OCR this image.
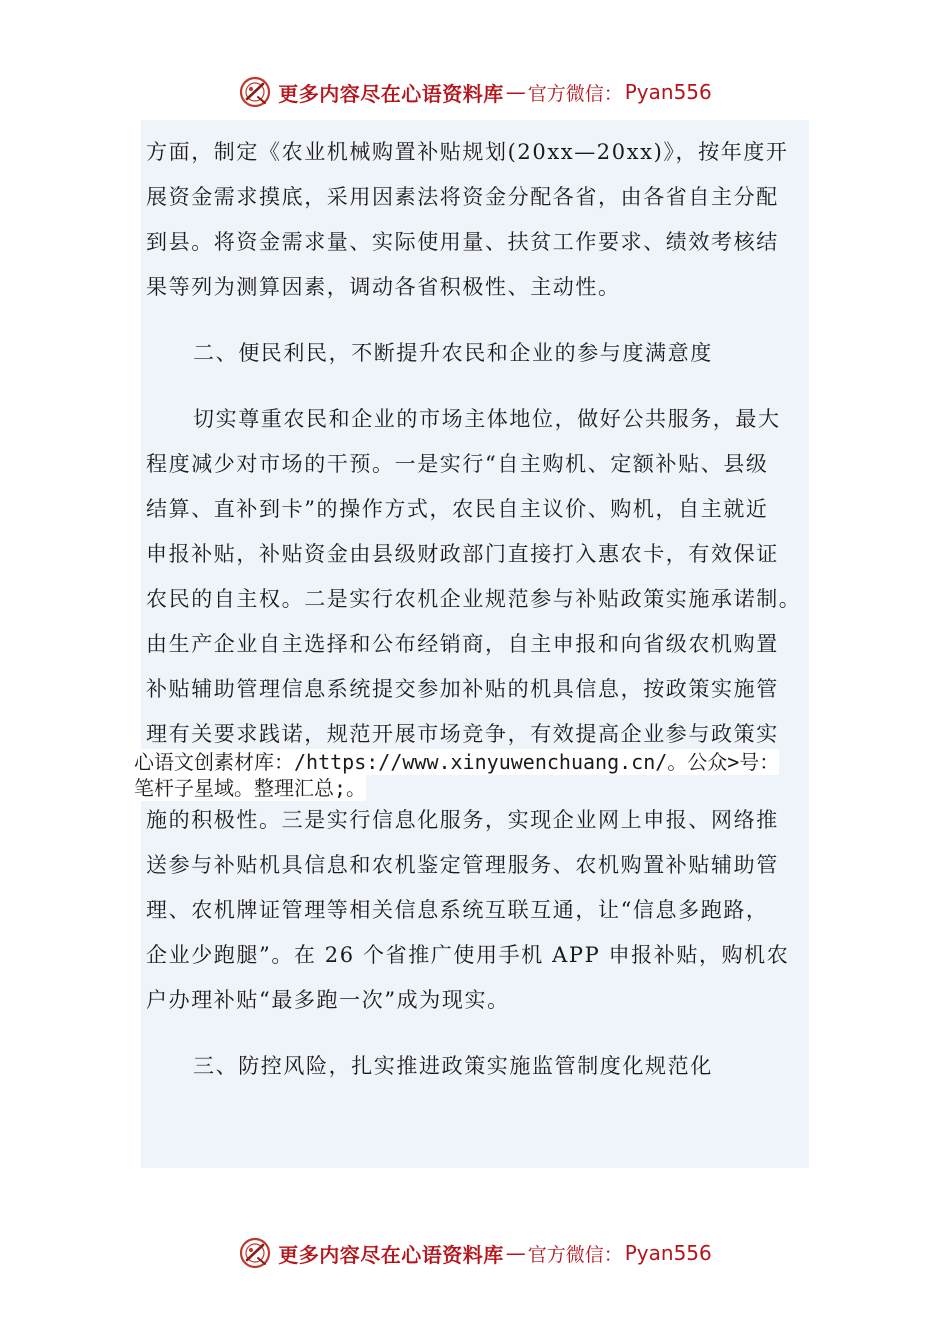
更多内容尽在心语资料库 — 官方微信： Pyan556
方面，制定《农业机械购置补贴规划(20xx—20xx)》，按年度开
展资金需求摸底，采用因素法将资金分配各省，由各省自主分配
到县。将资金需求量、实际使用量、扶贫工作要求、绩效考核结
果等列为测算因素，调动各省积极性、主动性。
二、便民利民，不断提升农民和企业的参与度满意度
切实尊重农民和企业的市场主体地位，做好公共服务，最大
程度减少对市场的干预。一是实行“自主购机、定额补贴、县级
结算、直补到卡”的操作方式，农民自主议价、购机，自主就近
申报补贴，补贴资金由县级财政部门直接打入惠农卡，有效保证
农民的自主权。二是实行农机企业规范参与补贴政策实施承诺制。
由生产企业自主选择和公布经销商，自主申报和向省级农机购置
补贴辅助管理信息系统提交参加补贴的机具信息，按政策实施管
理有关要求践诺，规范开展市场竞争，有效提高企业参与政策实
心语文创素材库：/https://www.xinyuwenchuang.cn/。公众>号：
笔杆子星域。整理汇总;。
施的积极性。三是实行信息化服务，实现企业网上申报、网络推
送参与补贴机具信息和农机鉴定管理服务、农机购置补贴辅助管
理、农机牌证管理等相关信息系统互联互通，让“信息多跑路，
企业少跑腿”。在 26 个省推广使用手机 APP 申报补贴，购机农
户办理补贴“最多跑一次”成为现实。
三、防控风险，扎实推进政策实施监管制度化规范化
更多内容尽在心语资料库 — 官方微信： Pyan556
